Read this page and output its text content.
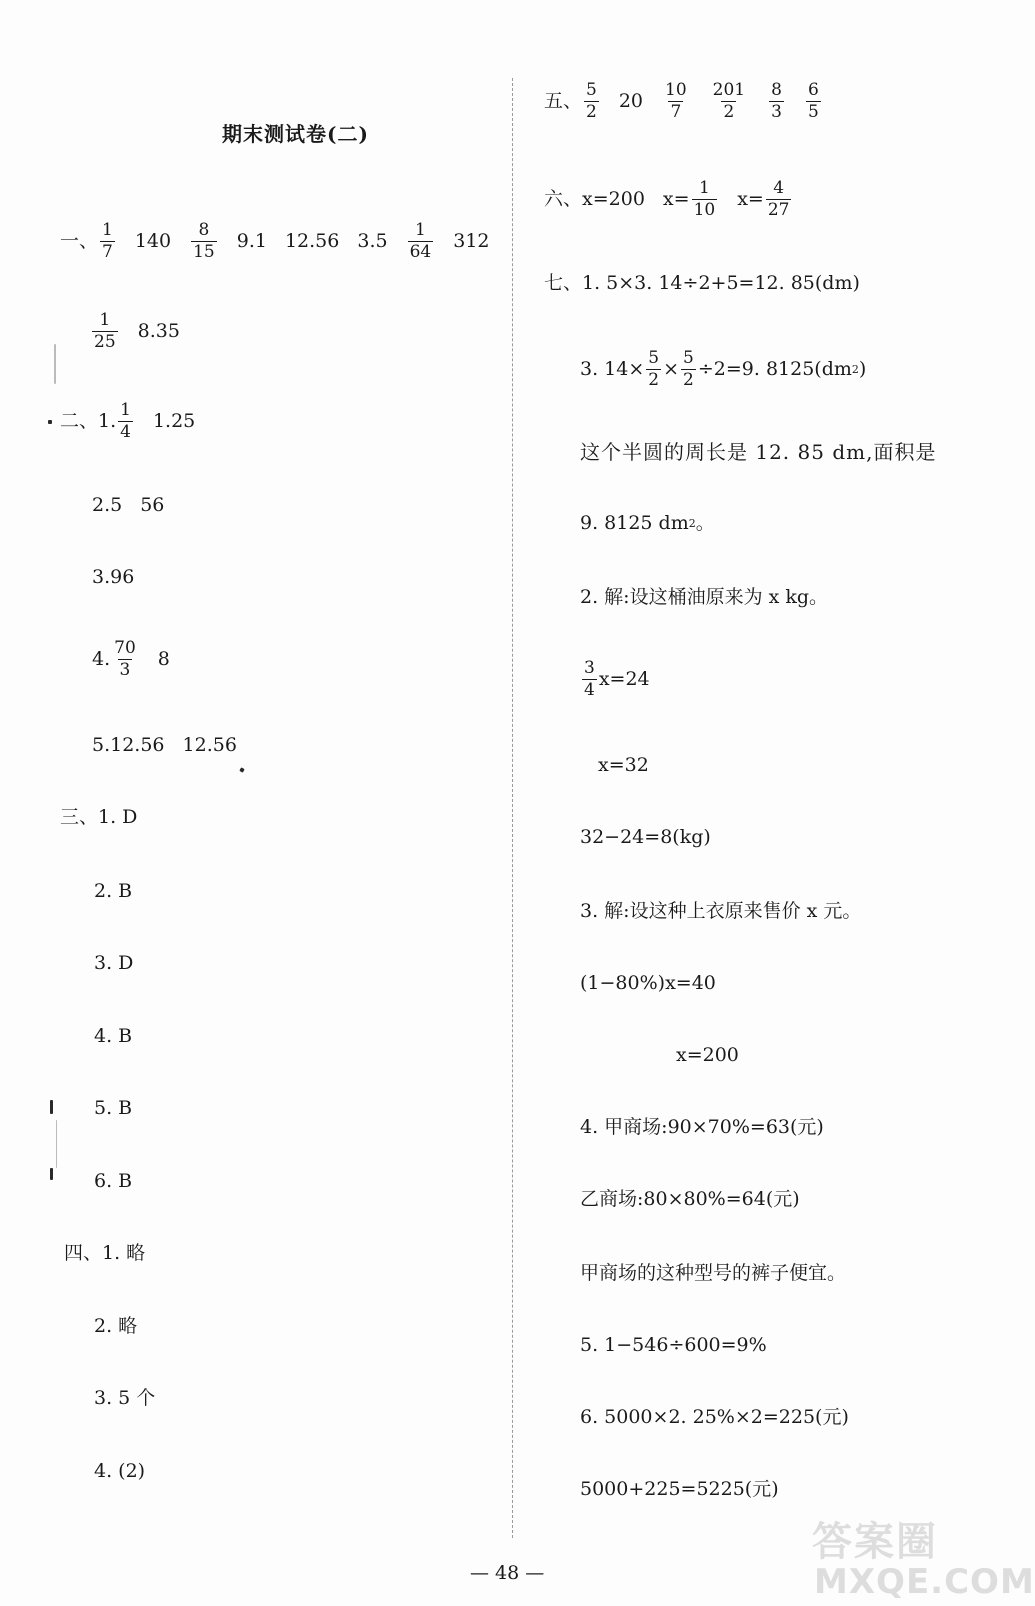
期末测试卷(二)
一、 $\frac{1}{7} 140 \frac{8}{15} 9.1$ 12.56 $3.5 \frac{1}{64} 312$
$\frac{1}{25} 8.35$
二、1. $\frac{1}{4} 1.25$
2.5 56
3.96
4. $\frac{70}{3} 8$
5.12.56 12.56
三、1. D
2. B
3. D
4. B
5. B
6. B
四、1. 略
2. 略
3. 5 个
4. (2)
五、 $\frac{5}{2} 20 \frac{10}{7} \frac{201}{2} \frac{8}{3} \frac{6}{5}$
六、 x=200 $x= \frac{1}{10} x= \frac{4}{27}$
七、1. 5×3. 14÷2+5=12. 85(dm)
3. $14\times \frac{5}{2} \times \frac{5}{2} \div 2=9$. 8125(dm 2 )
这个半圆的周长是 12. 85 dm,面积是
9. 8125 dm 2 。
2. 解:设这桶油原来为 x kg。
$\frac{3}{4} x=24$
x=32
32−24=8(kg)
3. 解:设这种上衣原来售价 x 元。
(1−80%)x=40
x=200
4. 甲商场:90×70%=63(元)
乙商场:80×80%=64(元)
甲商场的这种型号的裤子便宜。
5. 1−546÷600=9%
6. 5000×2. 25%×2=225(元)
5000+225=5225(元)
— 48 —
答案圈
MXQE.COM
